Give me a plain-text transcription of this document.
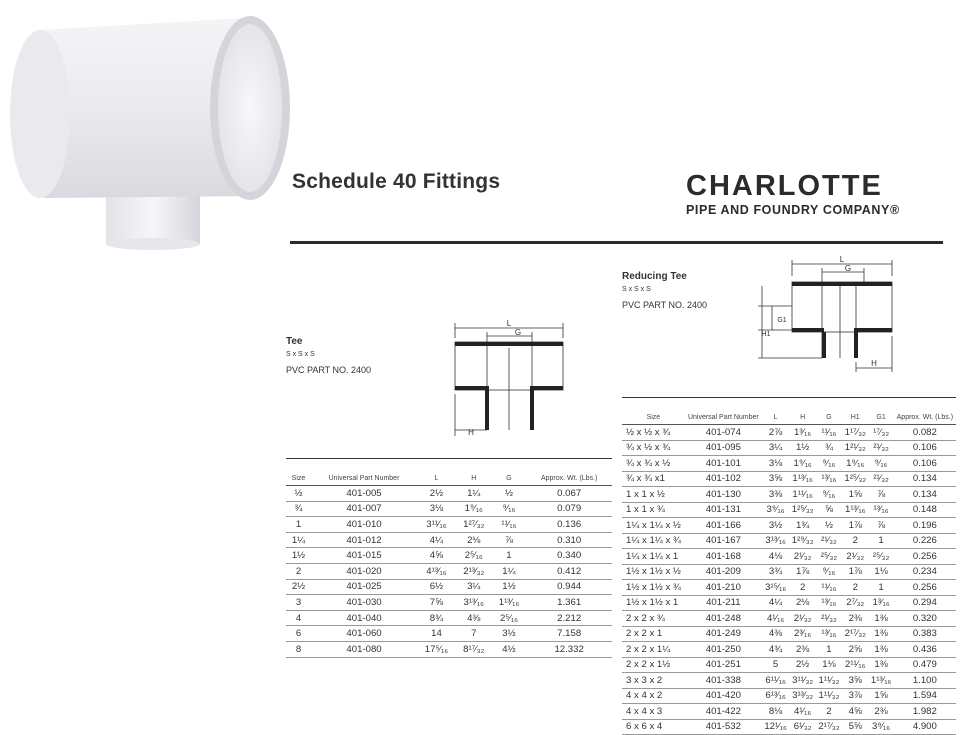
Schedule 40 Fittings	CHARLOTTE
PIPE AND FOUNDRY COMPANY®
Tee
S x S x S
PVC PART NO. 2400
L
G
H
Size	Universal Part Number	L	H	G	Approx. Wt. (Lbs.)
½	401-005	2½	1¼	½	0.067
¾	401-007	3⅛	1⁹⁄₁₆	⁹⁄₁₆	0.079
1	401-010	3¹¹⁄₁₆	1²⁷⁄₃₂	¹¹⁄₁₆	0.136
1¼	401-012	4¼	2⅛	⅞	0.310
1½	401-015	4⅝	2⁵⁄₁₆	1	0.340
2	401-020	4¹³⁄₁₆	2¹³⁄₃₂	1¼	0.412
2½	401-025	6½	3¼	1½	0.944
3	401-030	7⅝	3¹³⁄₁₆	1¹³⁄₁₆	1.361
4	401-040	8¾	4⅜	2⁵⁄₁₆	2.212
6	401-060	14	7	3½	7.158
8	401-080	17⁵⁄₁₆	8¹⁷⁄₃₂	4½	12.332
Reducing Tee
S x S x S
PVC PART NO. 2400
L
G
G1
H1
H
Size	Universal Part Number	L	H	G	H1	G1	Approx. Wt. (Lbs.)
½ x ½ x ¾	401-074	2⅞	1³⁄₁₆	¹¹⁄₁₆	1¹⁷⁄₃₂	¹⁷⁄₃₂	0.082
¾ x ½ x ¾	401-095	3¼	1½	¾	1²¹⁄₃₂	²¹⁄₃₂	0.106
¾ x ¾ x ½	401-101	3⅛	1⁹⁄₁₆	⁹⁄₁₆	1⁹⁄₁₆	⁹⁄₁₆	0.106
¾ x ¾ x1	401-102	3⅝	1¹³⁄₁₆	¹³⁄₁₆	1²⁵⁄₃₂	²¹⁄₃₂	0.134
1 x 1 x ½	401-130	3⅜	1¹¹⁄₁₆	⁹⁄₁₆	1⅝	⅞	0.134
1 x 1 x ¾	401-131	3⁹⁄₁₆	1²⁵⁄₃₂	⅝	1¹³⁄₁₆	¹³⁄₁₆	0.148
1¼ x 1¼ x ½	401-166	3½	1¾	½	1⅞	⅞	0.196
1¼ x 1¼ x ¾	401-167	3¹³⁄₁₆	1²⁹⁄₃₂	²¹⁄₃₂	2	1	0.226
1¼ x 1¼ x 1	401-168	4⅛	2¹⁄₃₂	²⁵⁄₃₂	2¹⁄₃₂	²⁵⁄₃₂	0.256
1½ x 1½ x ½	401-209	3¾	1⅞	⁹⁄₁₆	1⅞	1⅛	0.234
1½ x 1½ x ¾	401-210	3¹⁵⁄₁₆	2	¹¹⁄₁₆	2	1	0.256
1½ x 1½ x 1	401-211	4¼	2⅛	¹³⁄₁₆	2⁷⁄₃₂	1³⁄₁₆	0.294
2 x 2 x ¾	401-248	4¹⁄₁₆	2¹⁄₃₂	²¹⁄₃₂	2⅜	1⅜	0.320
2 x 2 x 1	401-249	4⅜	2³⁄₁₆	¹³⁄₁₆	2¹⁷⁄₃₂	1⅜	0.383
2 x 2 x 1¼	401-250	4¾	2⅜	1	2⅝	1⅜	0.436
2 x 2 x 1½	401-251	5	2½	1⅛	2¹¹⁄₁₆	1⅜	0.479
3 x 3 x 2	401-338	6¹¹⁄₁₆	3¹¹⁄₃₂	1¹¹⁄₃₂	3⅝	1¹³⁄₁₆	1.100
4 x 4 x 2	401-420	6¹³⁄₁₆	3¹³⁄₃₂	1¹¹⁄₃₂	3⅞	1⅝	1.594
4 x 4 x 3	401-422	8⅛	4¹⁄₁₆	2	4⅝	2⅜	1.982
6 x 6 x 4	401-532	12¹⁄₁₆	6¹⁄₃₂	2¹⁷⁄₃₂	5⅝	3⁹⁄₁₆	4.900
